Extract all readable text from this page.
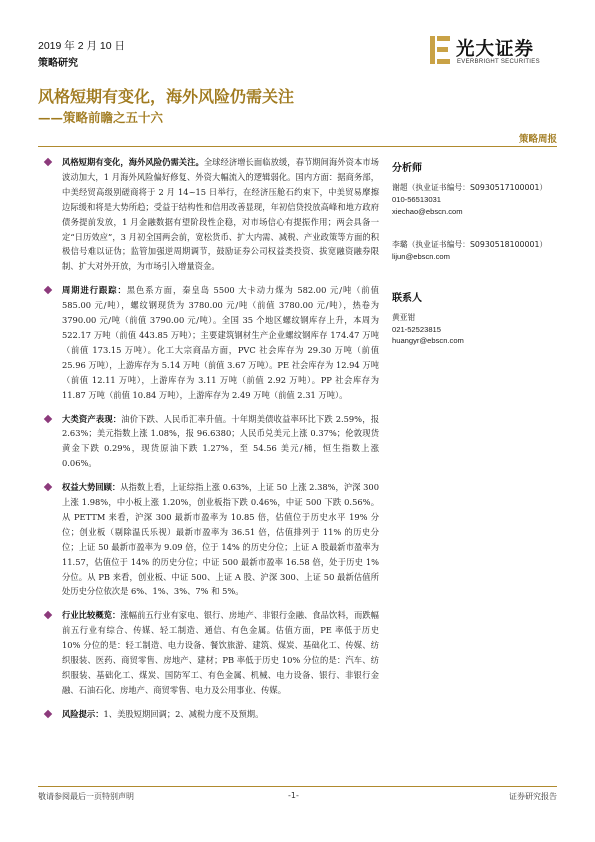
2019 年 2 月 10 日
策略研究
光大证券
EVERBRIGHT SECURITIES
风格短期有变化，海外风险仍需关注
——策略前瞻之五十六
策略周报
风格短期有变化，海外风险仍需关注。全球经济增长面临放缓，春节期间海外资本市场波动加大，1 月海外风险偏好修复、外资大幅流入的逻辑弱化。国内方面：据商务部，中美经贸高级别磋商将于 2 月 14~15 日举行，在经济压舱石约束下，中美贸易摩擦边际缓和将是大势所趋；受益于结构性和信用改善显现，年初信贷投放高峰和地方政府债务提前发放，1 月金融数据有望阶段性企稳，对市场信心有提振作用；两会具备一定“日历效应”，3 月初全国两会前，宽松货币、扩大内需、减税、产业政策等方面的积极信号难以证伪；监管加强逆周期调节，鼓励证券公司权益类投资、拔宽融资融券限制、扩大对外开放，为市场引入增量资金。
周期进行跟踪：黑色系方面，秦皇岛 5500 大卡动力煤为 582.00 元/吨（前值 585.00 元/吨），螺纹钢现货为 3780.00 元/吨（前值 3780.00 元/吨），热卷为 3790.00 元/吨（前值 3790.00 元/吨）。全国 35 个地区螺纹钢库存上升，本周为 522.17 万吨（前值 443.85 万吨）；主要建筑钢材生产企业螺纹钢库存 174.47 万吨（前值 173.15 万吨）。化工大宗商品方面，PVC 社会库存为 29.30 万吨（前值 25.96 万吨），上游库存为 5.14 万吨（前值 3.67 万吨）。PE 社会库存为 12.94 万吨（前值 12.11 万吨），上游库存为 3.11 万吨（前值 2.92 万吨）。PP 社会库存为 11.87 万吨（前值 10.84 万吨），上游库存为 2.49 万吨（前值 2.31 万吨）。
大类资产表现：油价下跌、人民币汇率升值。十年期美债收益率环比下跌 2.59%，报 2.63%；美元指数上涨 1.08%，报 96.6380；人民币兑美元上涨 0.37%；伦敦现货黄金下跌 0.29%，现货原油下跌 1.27%，至 54.56 美元/桶，恒生指数上涨 0.06%。
权益大势回顾：从指数上看，上证综指上涨 0.63%，上证 50 上涨 2.38%，沪深 300 上涨 1.98%，中小板上涨 1.20%，创业板指下跌 0.46%，中证 500 下跌 0.56%。从 PETTM 来看，沪深 300 最新市盈率为 10.85 倍，估值位于历史水平 19% 分位；创业板（剔除温氏乐视）最新市盈率为 36.51 倍，估值排列于 11% 的历史分位；上证 50 最新市盈率为 9.09 倍，位于 14% 的历史分位；上证 A 股最新市盈率为 11.57，估值位于 14% 的历史分位；中证 500 最新市盈率 16.58 倍，处于历史 1% 分位。从 PB 来看，创业板、中证 500、上证 A 股、沪深 300、上证 50 最新估值所处历史分位依次是 6%、1%、3%、7% 和 5%。
行业比较概览：涨幅前五行业有家电、银行、房地产、非银行金融、食品饮料，而跌幅前五行业有综合、传媒、轻工制造、通信、有色金属。估值方面，PE 率低于历史 10% 分位的是：轻工制造、电力设备、餐饮旅游、建筑、煤炭、基础化工、传媒、纺织服装、医药、商贸零售、房地产、建材；PB 率低于历史 10% 分位的是：汽车、纺织服装、基础化工、煤炭、国防军工、有色金属、机械、电力设备、银行、非银行金融、石油石化、房地产、商贸零售、电力及公用事业、传媒。
风险提示：1、美股短期回调；2、减税力度不及预期。
分析师
谢超（执业证书编号：S0930517100001）
010-56513031
xiechao@ebscn.com
李璐（执业证书编号：S0930518100001）
lijun@ebscn.com
联系人
黄亚钳
021-52523815
huangyr@ebscn.com
敬请参阅最后一页特别声明	-1-	证券研究报告
